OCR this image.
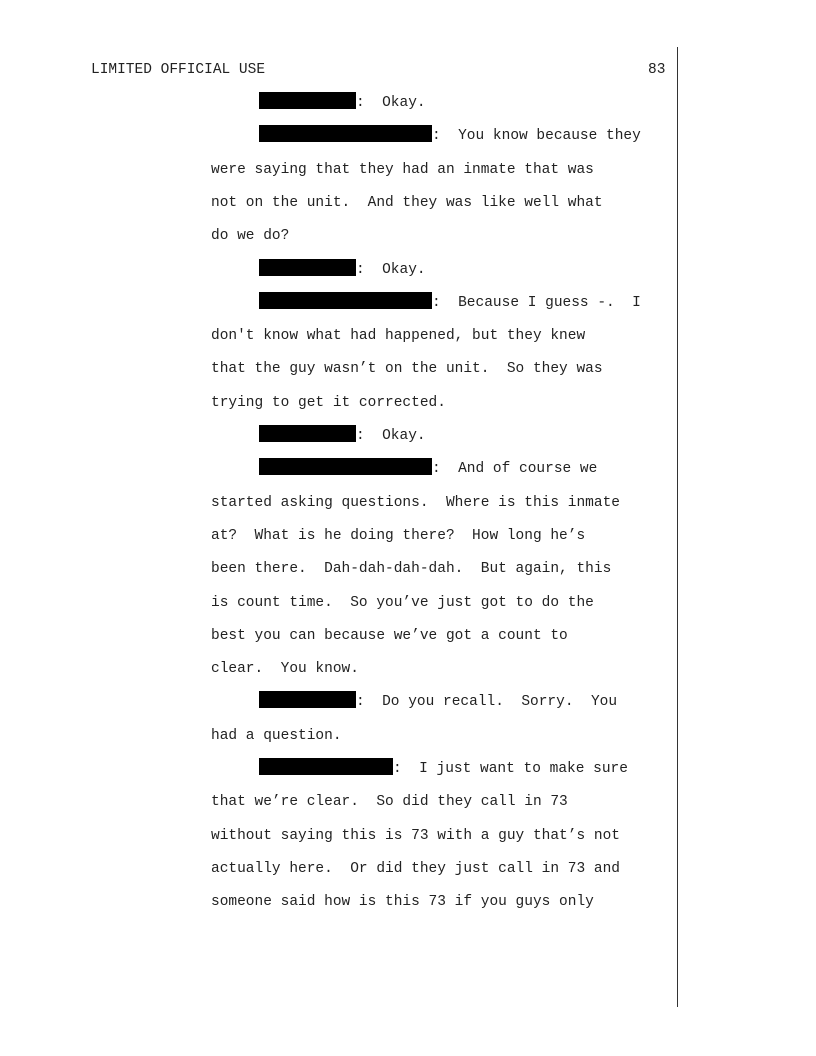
LIMITED OFFICIAL USE	83
:  Okay.
:  You know because they
were saying that they had an inmate that was
not on the unit.  And they was like well what
do we do?
:  Okay.
:  Because I guess -.  I
don't know what had happened, but they knew
that the guy wasn’t on the unit.  So they was
trying to get it corrected.
:  Okay.
:  And of course we
started asking questions.  Where is this inmate
at?  What is he doing there?  How long he’s
been there.  Dah-dah-dah-dah.  But again, this
is count time.  So you’ve just got to do the
best you can because we’ve got a count to
clear.  You know.
:  Do you recall.  Sorry.  You
had a question.
:  I just want to make sure
that we’re clear.  So did they call in 73
without saying this is 73 with a guy that’s not
actually here.  Or did they just call in 73 and
someone said how is this 73 if you guys only
